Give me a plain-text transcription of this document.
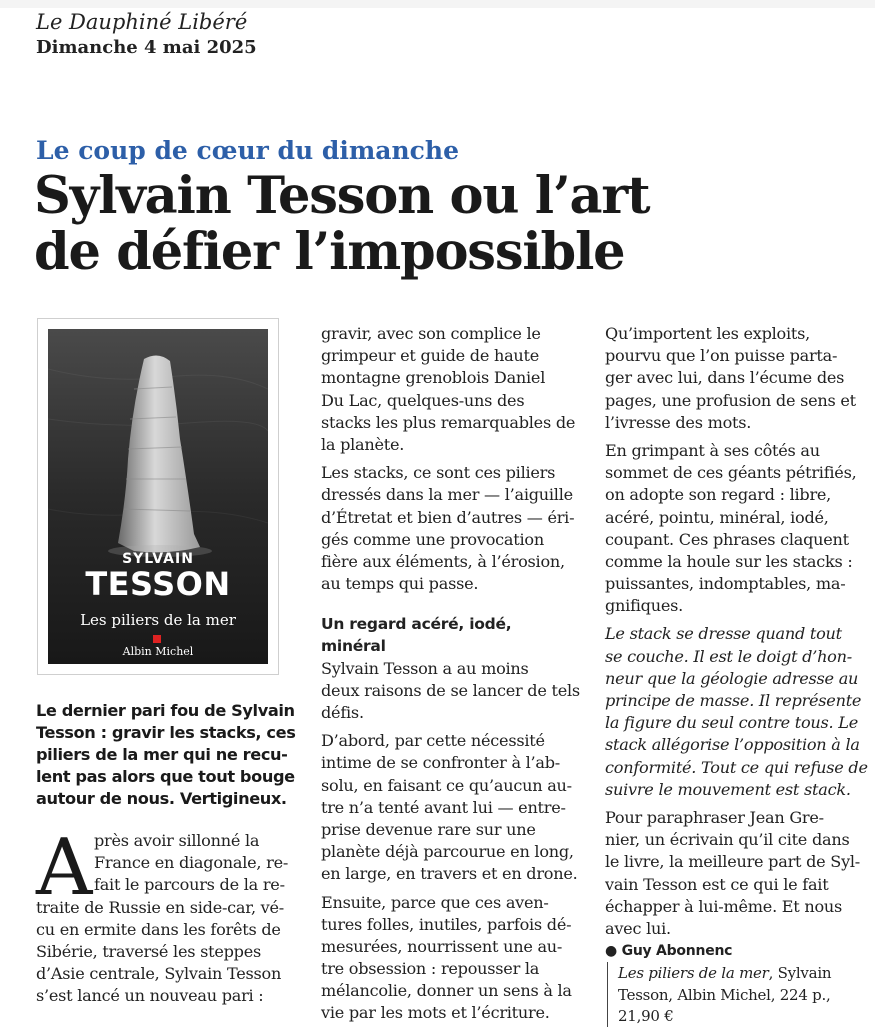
Le Dauphiné Libéré
Dimanche 4 mai 2025
Le coup de cœur du dimanche
Sylvain Tesson ou l’art
de défier l’impossible
SYLVAIN
TESSON
Les piliers de la mer
Albin Michel
Le dernier pari fou de Sylvain
Tesson : gravir les stacks, ces
piliers de la mer qui ne recu-
lent pas alors que tout bouge
autour de nous. Vertigineux.
A près avoir sillonné la
France en diagonale, re-
fait le parcours de la re-
traite de Russie en side-car, vé-
cu en ermite dans les forêts de
Sibérie, traversé les steppes
d’Asie centrale, Sylvain Tesson
s’est lancé un nouveau pari :
gravir, avec son complice le
grimpeur et guide de haute
montagne grenoblois Daniel
Du Lac, quelques-uns des
stacks les plus remarquables de
la planète.
Les stacks, ce sont ces piliers
dressés dans la mer — l’aiguille
d’Étretat et bien d’autres — éri-
gés comme une provocation
fière aux éléments, à l’érosion,
au temps qui passe.
Un regard acéré, iodé,
minéral
Sylvain Tesson a au moins
deux raisons de se lancer de tels
défis.
D’abord, par cette nécessité
intime de se confronter à l’ab-
solu, en faisant ce qu’aucun au-
tre n’a tenté avant lui — entre-
prise devenue rare sur une
planète déjà parcourue en long,
en large, en travers et en drone.
Ensuite, parce que ces aven-
tures folles, inutiles, parfois dé-
mesurées, nourrissent une au-
tre obsession : repousser la
mélancolie, donner un sens à la
vie par les mots et l’écriture.
Qu’importent les exploits,
pourvu que l’on puisse parta-
ger avec lui, dans l’écume des
pages, une profusion de sens et
l’ivresse des mots.
En grimpant à ses côtés au
sommet de ces géants pétrifiés,
on adopte son regard : libre,
acéré, pointu, minéral, iodé,
coupant. Ces phrases claquent
comme la houle sur les stacks :
puissantes, indomptables, ma-
gnifiques.
Le stack se dresse quand tout
se couche. Il est le doigt d’hon-
neur que la géologie adresse au
principe de masse. Il représente
la figure du seul contre tous. Le
stack allégorise l’opposition à la
conformité. Tout ce qui refuse de
suivre le mouvement est stack.
Pour paraphraser Jean Gre-
nier, un écrivain qu’il cite dans
le livre, la meilleure part de Syl-
vain Tesson est ce qui le fait
échapper à lui-même. Et nous
avec lui.
● Guy Abonnenc
Les piliers de la mer, Sylvain
Tesson, Albin Michel, 224 p.,
21,90 €
